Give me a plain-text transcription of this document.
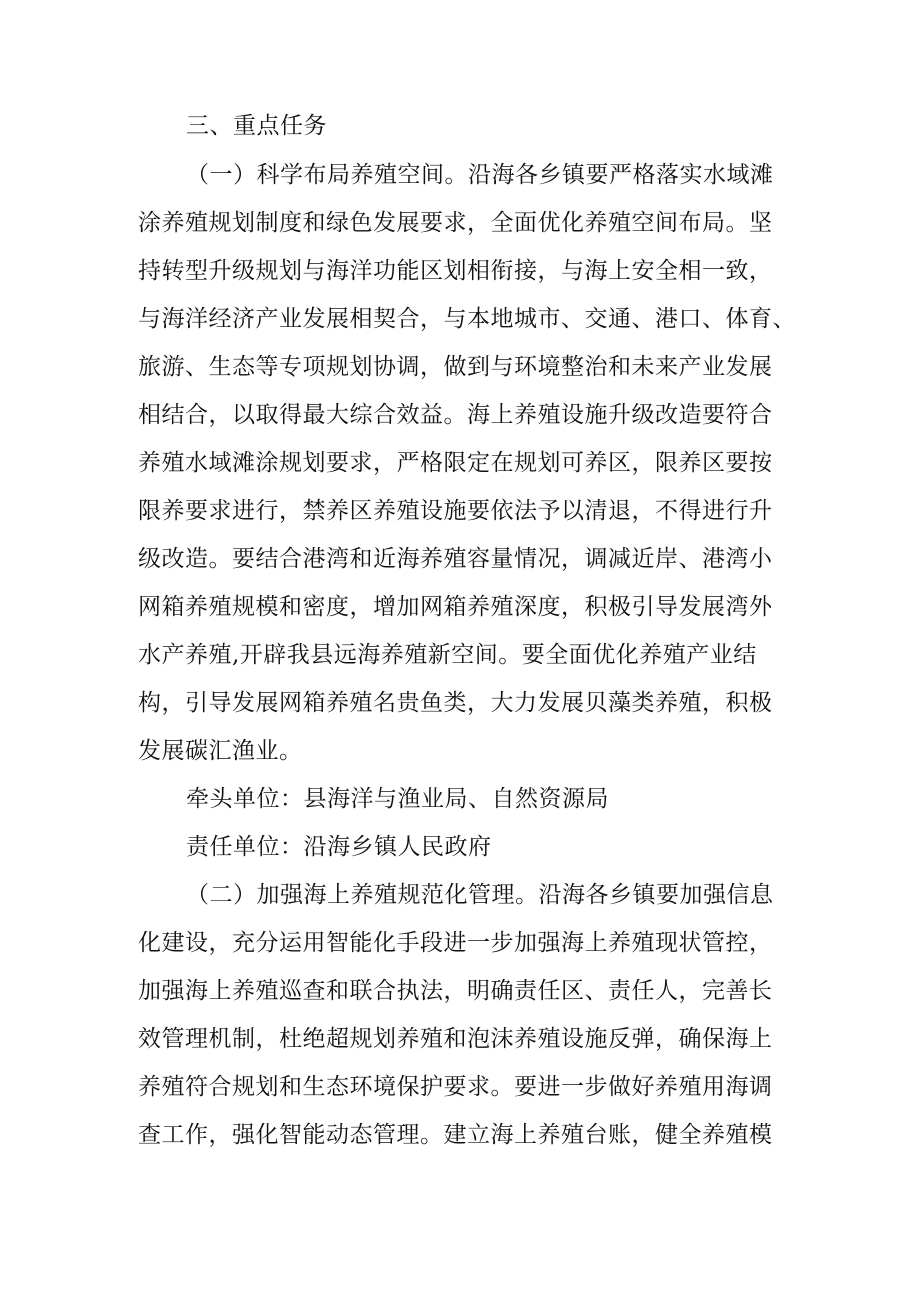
三、重点任务
（一）科学布局养殖空间。沿海各乡镇要严格落实水域滩
涂养殖规划制度和绿色发展要求，全面优化养殖空间布局。坚
持转型升级规划与海洋功能区划相衔接，与海上安全相一致，
与海洋经济产业发展相契合，与本地城市、交通、港口、体育、
旅游、生态等专项规划协调，做到与环境整治和未来产业发展
相结合，以取得最大综合效益。海上养殖设施升级改造要符合
养殖水域滩涂规划要求，严格限定在规划可养区，限养区要按
限养要求进行，禁养区养殖设施要依法予以清退，不得进行升
级改造。要结合港湾和近海养殖容量情况，调减近岸、港湾小
网箱养殖规模和密度，增加网箱养殖深度，积极引导发展湾外
水产养殖,开辟我县远海养殖新空间。要全面优化养殖产业结
构，引导发展网箱养殖名贵鱼类，大力发展贝藻类养殖，积极
发展碳汇渔业。
牵头单位：县海洋与渔业局、自然资源局
责任单位：沿海乡镇人民政府
（二）加强海上养殖规范化管理。沿海各乡镇要加强信息
化建设，充分运用智能化手段进一步加强海上养殖现状管控，
加强海上养殖巡查和联合执法，明确责任区、责任人，完善长
效管理机制，杜绝超规划养殖和泡沫养殖设施反弹，确保海上
养殖符合规划和生态环境保护要求。要进一步做好养殖用海调
查工作，强化智能动态管理。建立海上养殖台账，健全养殖模
